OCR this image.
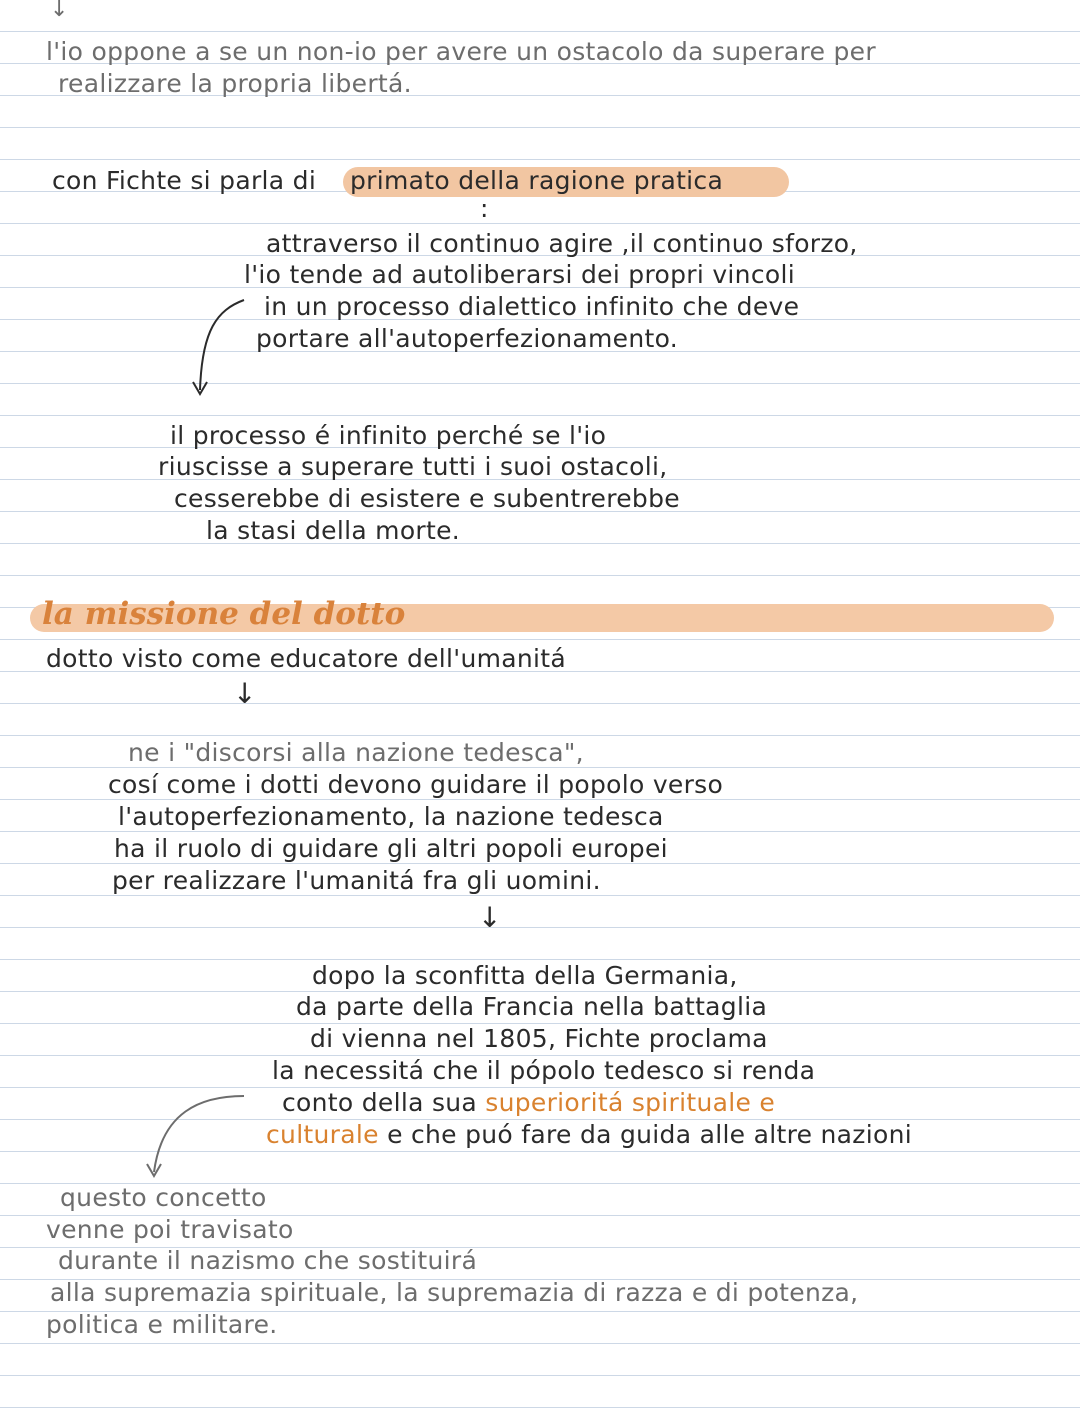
↓
l'io oppone a se un non-io per avere un ostacolo da superare per
realizzare la propria libertá.
con Fichte si parla di primato della ragione pratica
:
attraverso il continuo agire ,il continuo sforzo,
l'io tende ad autoliberarsi dei propri vincoli
in un processo dialettico infinito che deve
portare all'autoperfezionamento.
il processo é infinito perché se l'io
riuscisse a superare tutti i suoi ostacoli,
cesserebbe di esistere e subentrerebbe
la stasi della morte.
la missione del dotto
dotto visto come educatore dell'umanitá
↓
ne i "discorsi alla nazione tedesca",
cosí come i dotti devono guidare il popolo verso
l'autoperfezionamento, la nazione tedesca
ha il ruolo di guidare gli altri popoli europei
per realizzare l'umanitá fra gli uomini.
↓
dopo la sconfitta della Germania,
da parte della Francia nella battaglia
di vienna nel 1805, Fichte proclama
la necessitá che il pópolo tedesco si renda
conto della sua superioritá spirituale e
culturale e che puó fare da guida alle altre nazioni
questo concetto
venne poi travisato
durante il nazismo che sostituirá
alla supremazia spirituale, la supremazia di razza e di potenza,
politica e militare.
